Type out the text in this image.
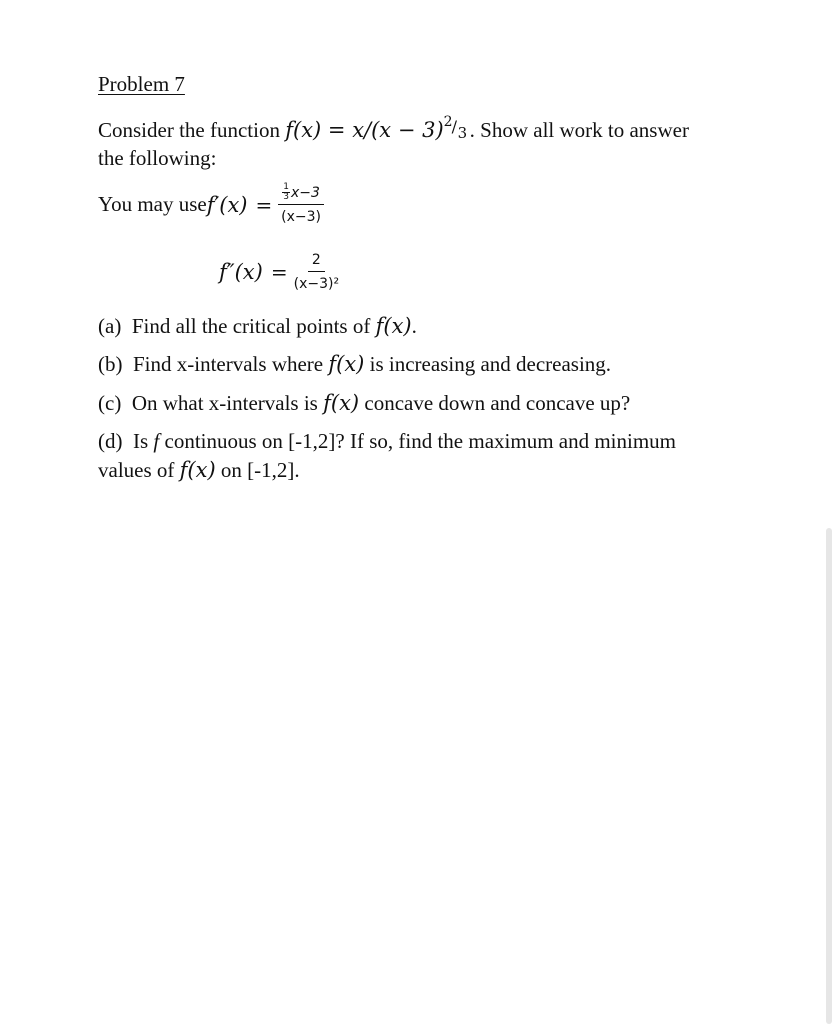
Problem 7
Consider the function f(x) = x/(x − 3) 2 / 3 . Show all work to answer
the following:
You may use $f'(x) = \frac{\frac{1}{3} x-3}{(x-3)}$
$f''(x) = \frac{2}{\text{(x−3)²}}$
(a) Find all the critical points of f(x).
(b) Find x-intervals where f(x) is increasing and decreasing.
(c) On what x-intervals is f(x) concave down and concave up?
(d) Is f continuous on [-1,2]? If so, find the maximum and minimum
values of f(x) on [-1,2].
